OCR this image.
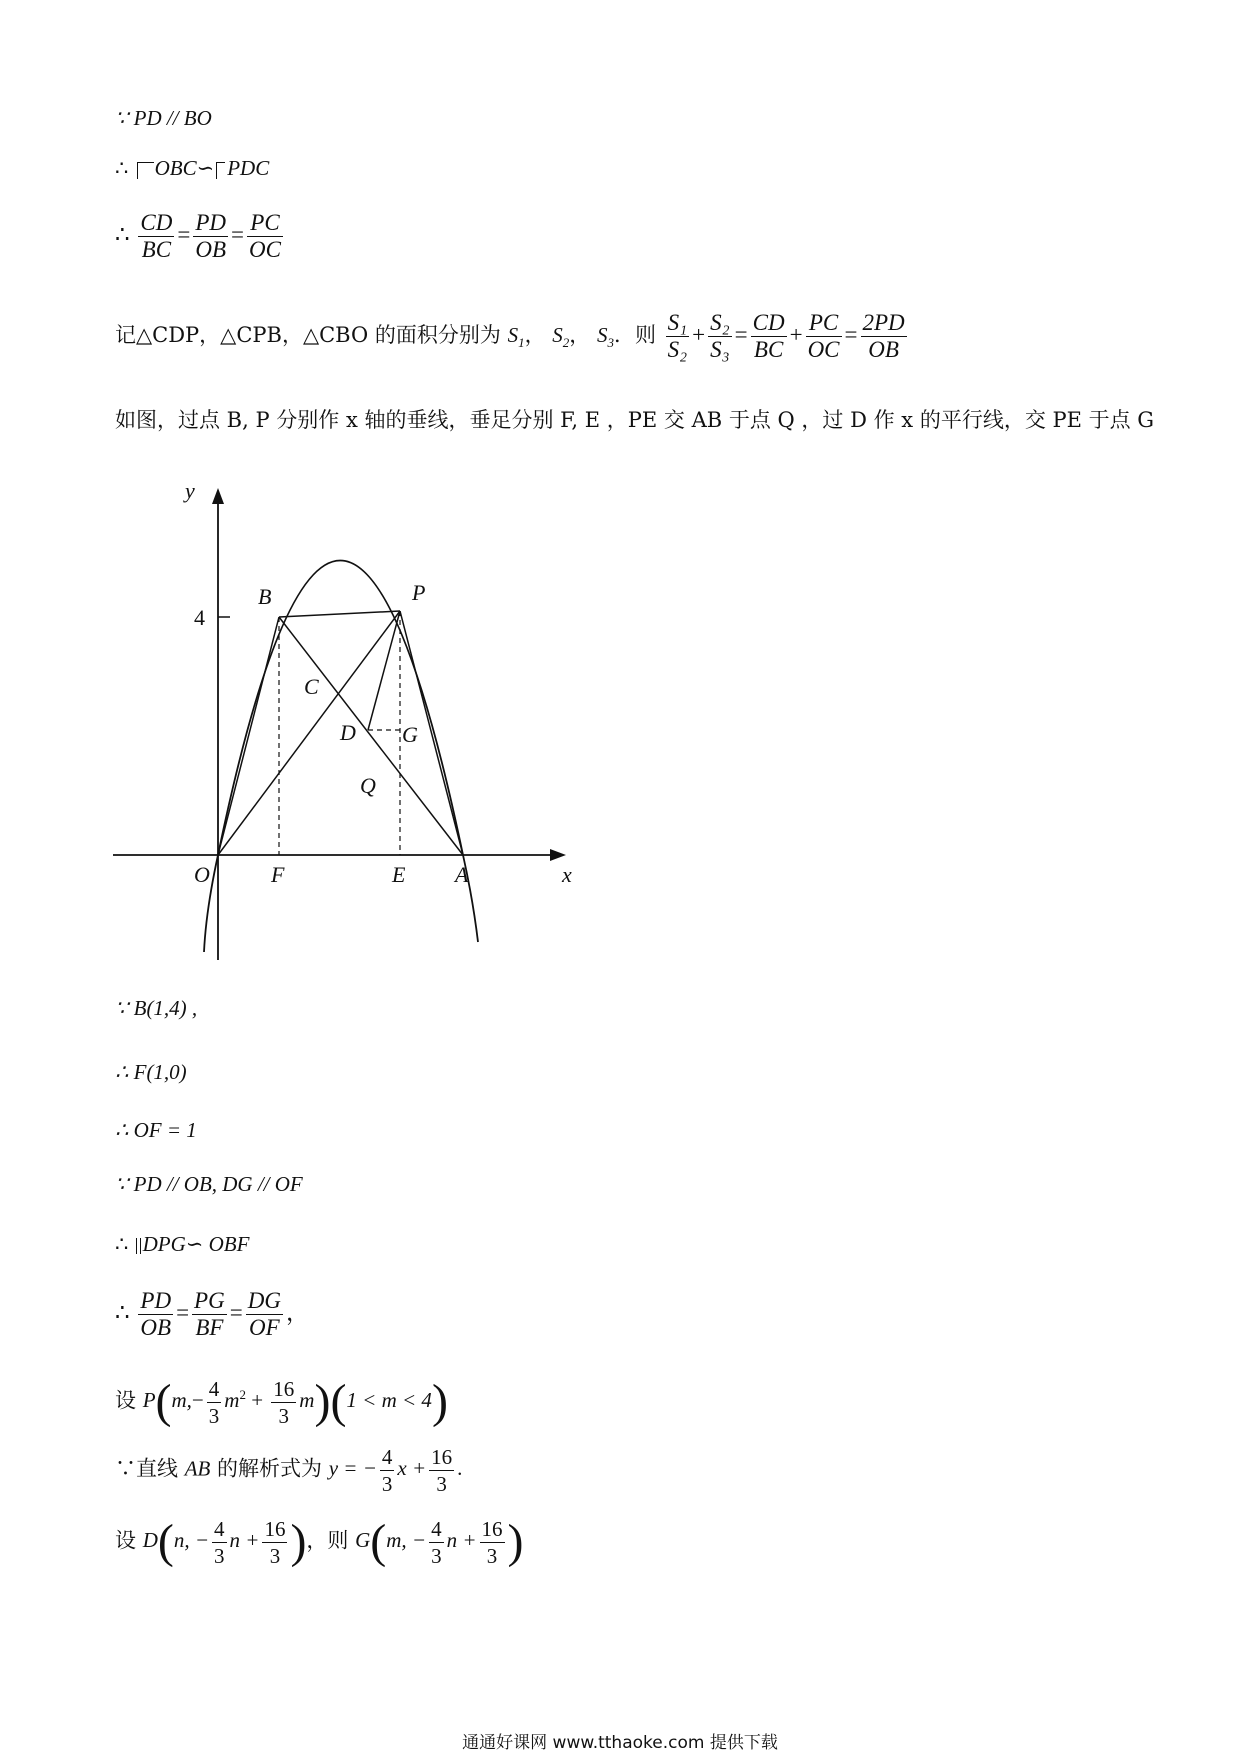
∵ PD // BO
∴ OBC∽ PDC
∴ $\frac{CD}{BC} = \frac{PD}{OB} = \frac{PC}{OC}$
记△CDP，△CPB，△CBO 的面积分别为 $S_1$， $S_2$， $S_3$．则 $\frac{\text{S₁}}{\text{S₂}} + \frac{\text{S₂}}{\text{S₃}} = \frac{CD}{BC} + \frac{PC}{OC} = \frac{2PD}{OB}$
如图，过点 B, P 分别作 x 轴的垂线，垂足分别 F, E ，PE 交 AB 于点 Q ，过 D 作 x 的平行线，交 PE 于点 G
y
x
4
O	F	E A
B	P
C
D G
Q
∵ B(1,4) ,
∴ F(1,0)
∴ OF = 1
∵ PD // OB, DG // OF
∴ DPG∽ OBF
∴ $\frac{PD}{OB} = \frac{PG}{BF} = \frac{DG}{OF}$ ，
设 $P(m,- \frac{4}{3} m^2 + \frac{16}{3} m)(1 < m < 4)$
∵直线 AB 的解析式为 y = − $\frac{4}{3}$ $x + \frac{16}{3}$ .
设 D(n, − $\frac{4}{3}$ $n + \frac{16}{3}$ )，则 G(m, − $\frac{4}{3}$ $n + \frac{16}{3}$ )
通通好课网 www.tthaoke.com 提供下载
